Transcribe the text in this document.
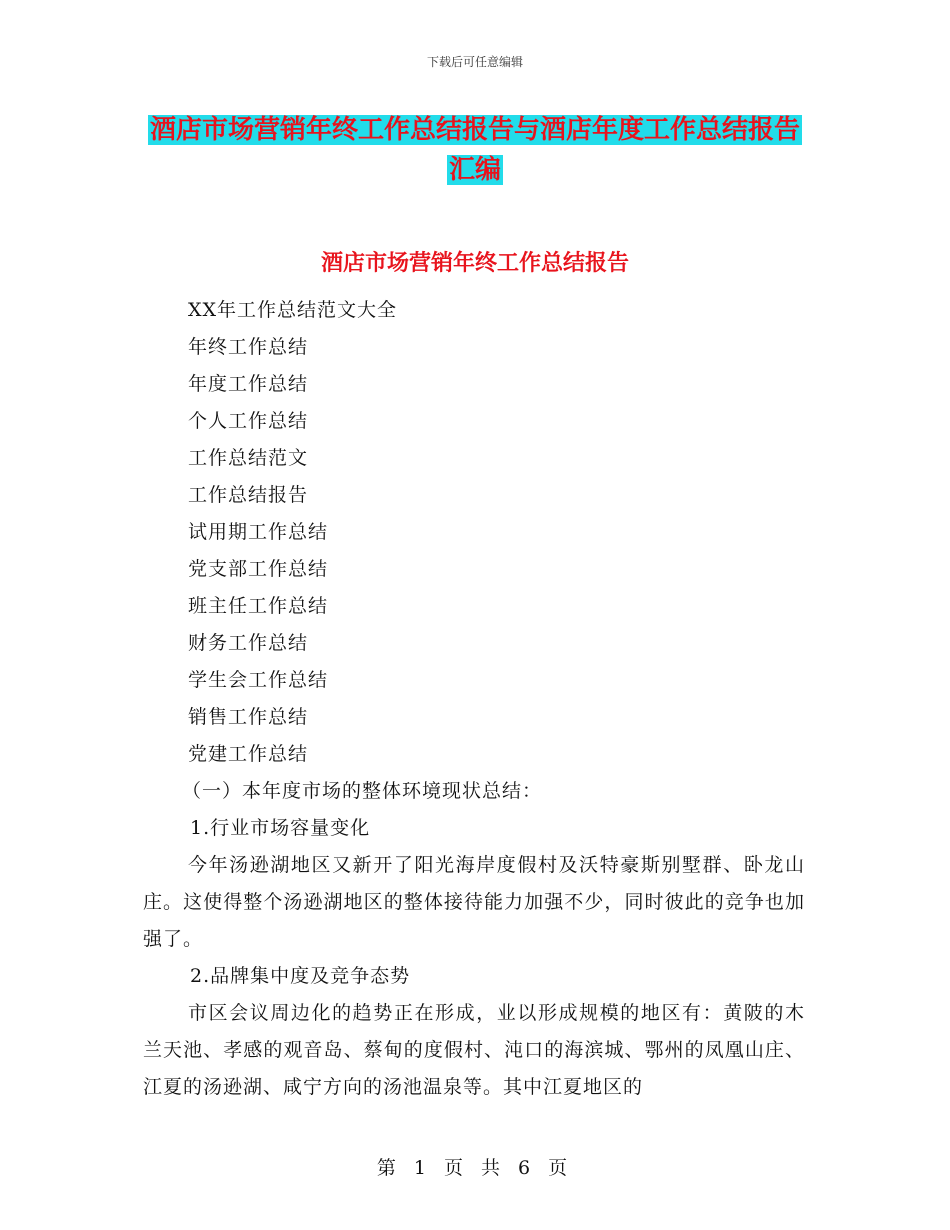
下载后可任意编辑
酒店市场营销年终工作总结报告与酒店年度工作总结报告汇编
酒店市场营销年终工作总结报告
XX年工作总结范文大全
年终工作总结
年度工作总结
个人工作总结
工作总结范文
工作总结报告
试用期工作总结
党支部工作总结
班主任工作总结
财务工作总结
学生会工作总结
销售工作总结
党建工作总结

（一）本年度市场的整体环境现状总结：

1.行业市场容量变化

今年汤逊湖地区又新开了阳光海岸度假村及沃特豪斯别墅群、卧龙山庄。这使得整个汤逊湖地区的整体接待能力加强不少，同时彼此的竞争也加强了。

2.品牌集中度及竞争态势

市区会议周边化的趋势正在形成，业以形成规模的地区有：黄陂的木兰天池、孝感的观音岛、蔡甸的度假村、沌口的海滨城、鄂州的凤凰山庄、江夏的汤逊湖、咸宁方向的汤池温泉等。其中江夏地区的

第 1 页 共 6 页
